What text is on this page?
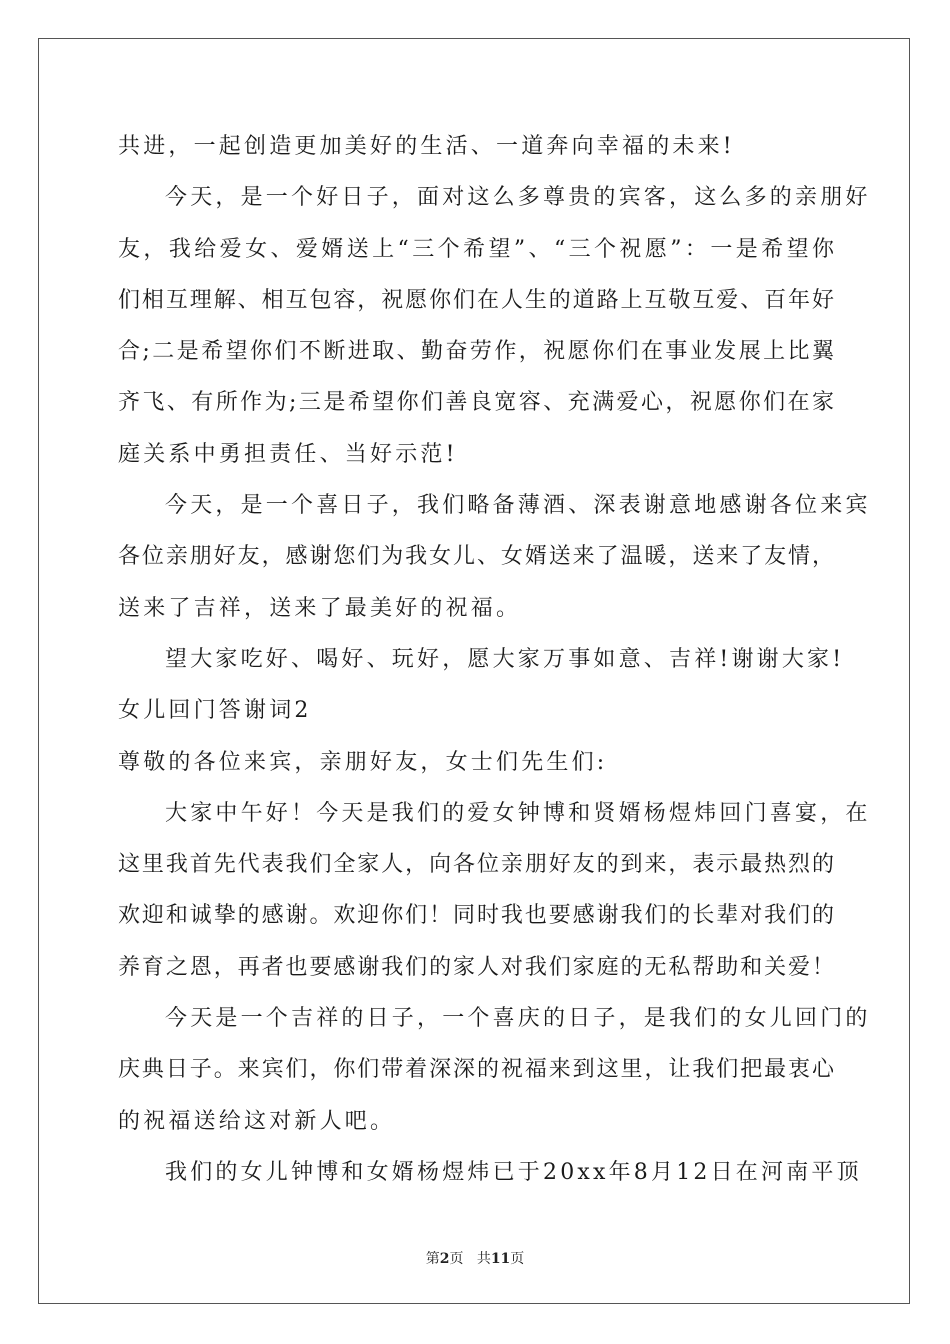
共进，一起创造更加美好的生活、一道奔向幸福的未来!
今天，是一个好日子，面对这么多尊贵的宾客，这么多的亲朋好
友，我给爱女、爱婿送上“三个希望”、“三个祝愿”：一是希望你
们相互理解、相互包容，祝愿你们在人生的道路上互敬互爱、百年好
合;二是希望你们不断进取、勤奋劳作，祝愿你们在事业发展上比翼
齐飞、有所作为;三是希望你们善良宽容、充满爱心，祝愿你们在家
庭关系中勇担责任、当好示范!
今天，是一个喜日子，我们略备薄酒、深表谢意地感谢各位来宾
各位亲朋好友，感谢您们为我女儿、女婿送来了温暖，送来了友情，
送来了吉祥，送来了最美好的祝福。
望大家吃好、喝好、玩好，愿大家万事如意、吉祥!谢谢大家!
女儿回门答谢词2
尊敬的各位来宾，亲朋好友，女士们先生们:
大家中午好！今天是我们的爱女钟博和贤婿杨煜炜回门喜宴，在
这里我首先代表我们全家人，向各位亲朋好友的到来，表示最热烈的
欢迎和诚挚的感谢。欢迎你们！同时我也要感谢我们的长辈对我们的
养育之恩，再者也要感谢我们的家人对我们家庭的无私帮助和关爱！
今天是一个吉祥的日子，一个喜庆的日子，是我们的女儿回门的
庆典日子。来宾们，你们带着深深的祝福来到这里，让我们把最衷心
的祝福送给这对新人吧。
我们的女儿钟博和女婿杨煜炜已于20xx年8月12日在河南平顶
第2页 共11页
